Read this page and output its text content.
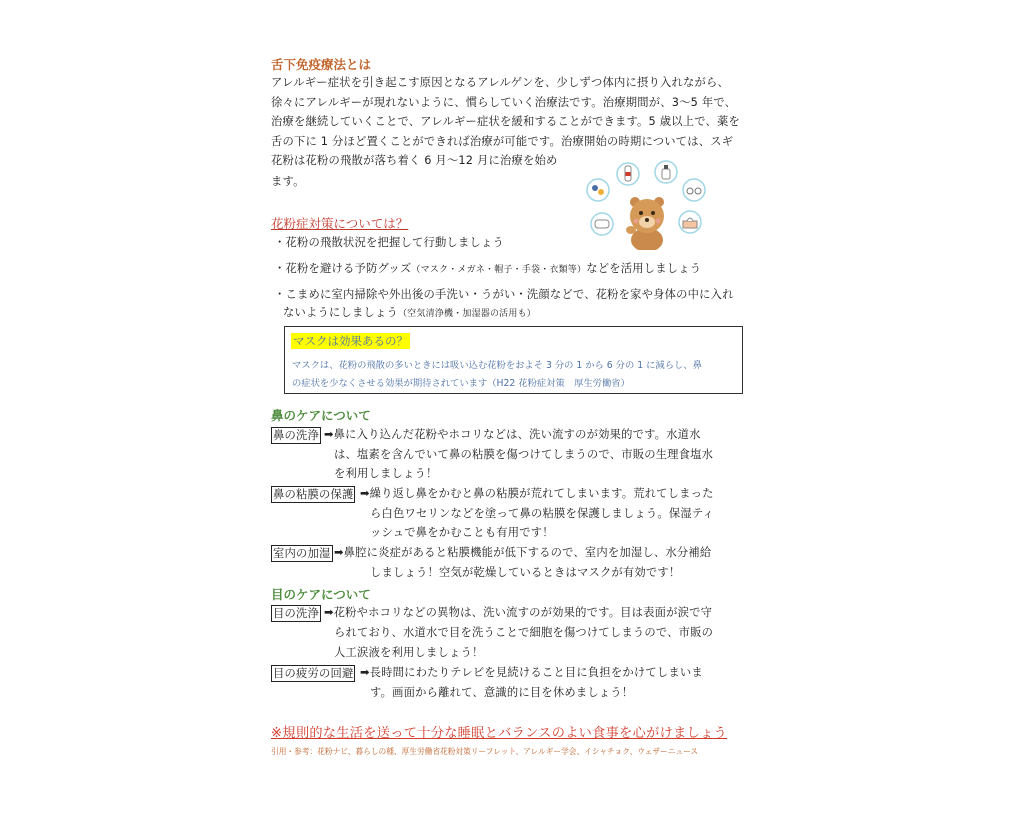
舌下免疫療法とは
アレルギー症状を引き起こす原因となるアレルゲンを、少しずつ体内に摂り入れながら、
徐々にアレルギーが現れないように、慣らしていく治療法です。治療期間が、3〜5 年で、
治療を継続していくことで、アレルギー症状を緩和することができます。5 歳以上で、薬を
舌の下に 1 分ほど置くことができれば治療が可能です。治療開始の時期については、スギ
花粉は花粉の飛散が落ち着く 6 月〜12 月に治療を始め
ます。
花粉症対策については？
・花粉の飛散状況を把握して行動しましょう
・花粉を避ける予防グッズ（マスク・メガネ・帽子・手袋・衣類等）などを活用しましょう
・こまめに室内掃除や外出後の手洗い・うがい・洗顔などで、花粉を家や身体の中に入れ
ないようにしましょう（空気清浄機・加湿器の活用も）
マスクは効果あるの？
マスクは、花粉の飛散の多いときには吸い込む花粉をおよそ 3 分の 1 から 6 分の 1 に減らし、鼻
の症状を少なくさせる効果が期待されています（H22 花粉症対策　厚生労働省）
鼻のケアについて
鼻の洗浄 ➡鼻に入り込んだ花粉やホコリなどは、洗い流すのが効果的です。水道水
は、塩素を含んでいて鼻の粘膜を傷つけてしまうので、市販の生理食塩水
を利用しましょう！
鼻の粘膜の保護 ➡繰り返し鼻をかむと鼻の粘膜が荒れてしまいます。荒れてしまった
ら白色ワセリンなどを塗って鼻の粘膜を保護しましょう。保湿ティ
ッシュで鼻をかむことも有用です！
室内の加湿 ➡鼻腔に炎症があると粘膜機能が低下するので、室内を加湿し、水分補給
しましょう！空気が乾燥しているときはマスクが有効です！
目のケアについて
目の洗浄 ➡花粉やホコリなどの異物は、洗い流すのが効果的です。目は表面が涙で守
られており、水道水で目を洗うことで細胞を傷つけてしまうので、市販の
人工涙液を利用しましょう！
目の疲労の回避 ➡長時間にわたりテレビを見続けること目に負担をかけてしまいま
す。画面から離れて、意識的に目を休めましょう！
※規則的な生活を送って十分な睡眠とバランスのよい食事を心がけましょう
引用・参考：花粉ナビ、暮らしの種、厚生労働省花粉対策リーフレット、アレルギー学会、イシャチョク、ウェザーニュース
